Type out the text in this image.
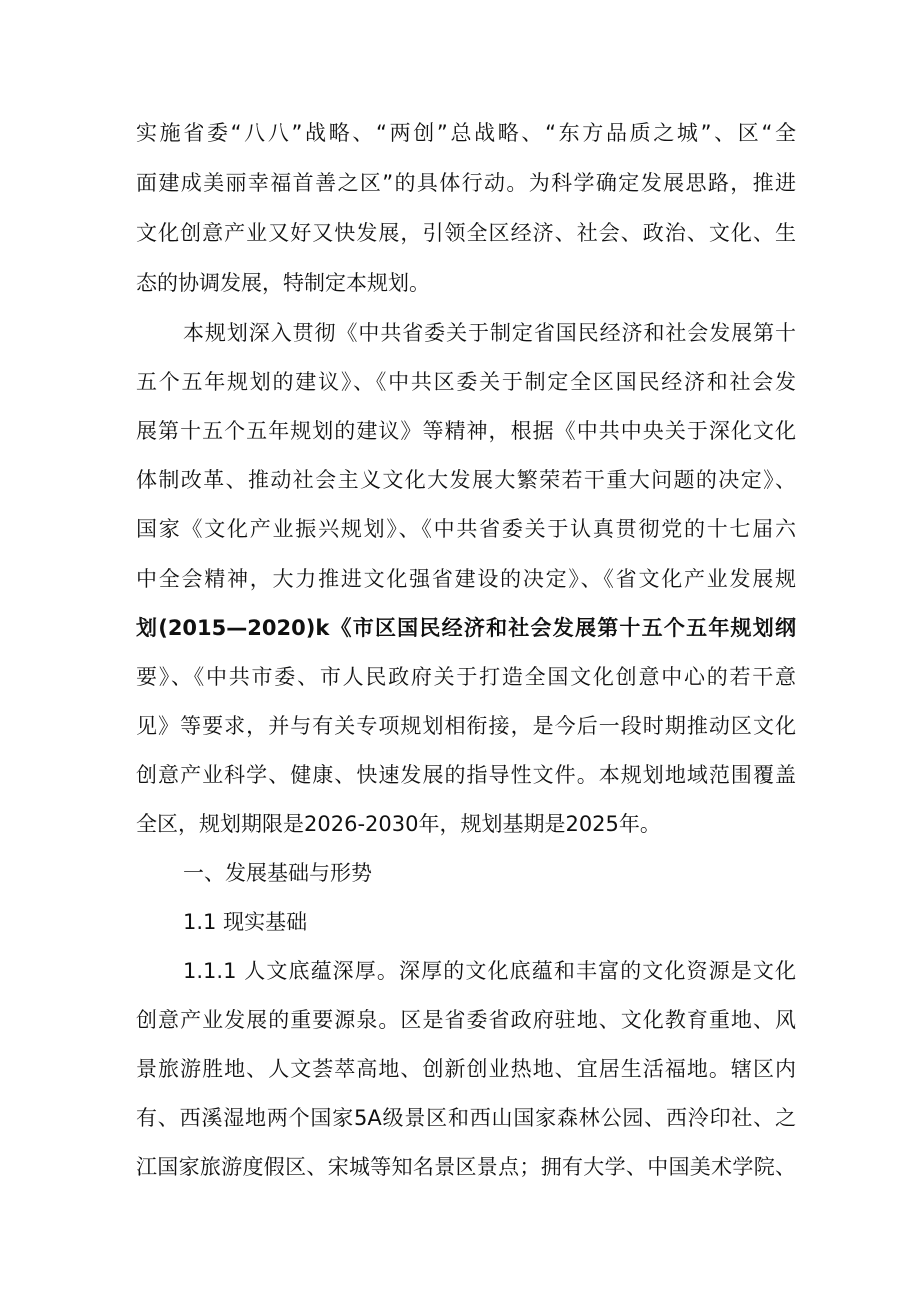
实施省委“八八”战略、“两创”总战略、“东方品质之城”、区“全
面建成美丽幸福首善之区”的具体行动。为科学确定发展思路，推进
文化创意产业又好又快发展，引领全区经济、社会、政治、文化、生
态的协调发展，特制定本规划。
本规划深入贯彻《中共省委关于制定省国民经济和社会发展第十
五个五年规划的建议》、《中共区委关于制定全区国民经济和社会发
展第十五个五年规划的建议》等精神，根据《中共中央关于深化文化
体制改革、推动社会主义文化大发展大繁荣若干重大问题的决定》、
国家《文化产业振兴规划》、《中共省委关于认真贯彻党的十七届六
中全会精神，大力推进文化强省建设的决定》、《省文化产业发展规
划(2015—2020)k《市区国民经济和社会发展第十五个五年规划纲
要》、《中共市委、市人民政府关于打造全国文化创意中心的若干意
见》等要求，并与有关专项规划相衔接，是今后一段时期推动区文化
创意产业科学、健康、快速发展的指导性文件。本规划地域范围覆盖
全区，规划期限是2026-2030年，规划基期是2025年。
一、发展基础与形势
1.1 现实基础
1.1.1 人文底蕴深厚。深厚的文化底蕴和丰富的文化资源是文化
创意产业发展的重要源泉。区是省委省政府驻地、文化教育重地、风
景旅游胜地、人文荟萃高地、创新创业热地、宜居生活福地。辖区内
有、西溪湿地两个国家5A级景区和西山国家森林公园、西泠印社、之
江国家旅游度假区、宋城等知名景区景点；拥有大学、中国美术学院、
